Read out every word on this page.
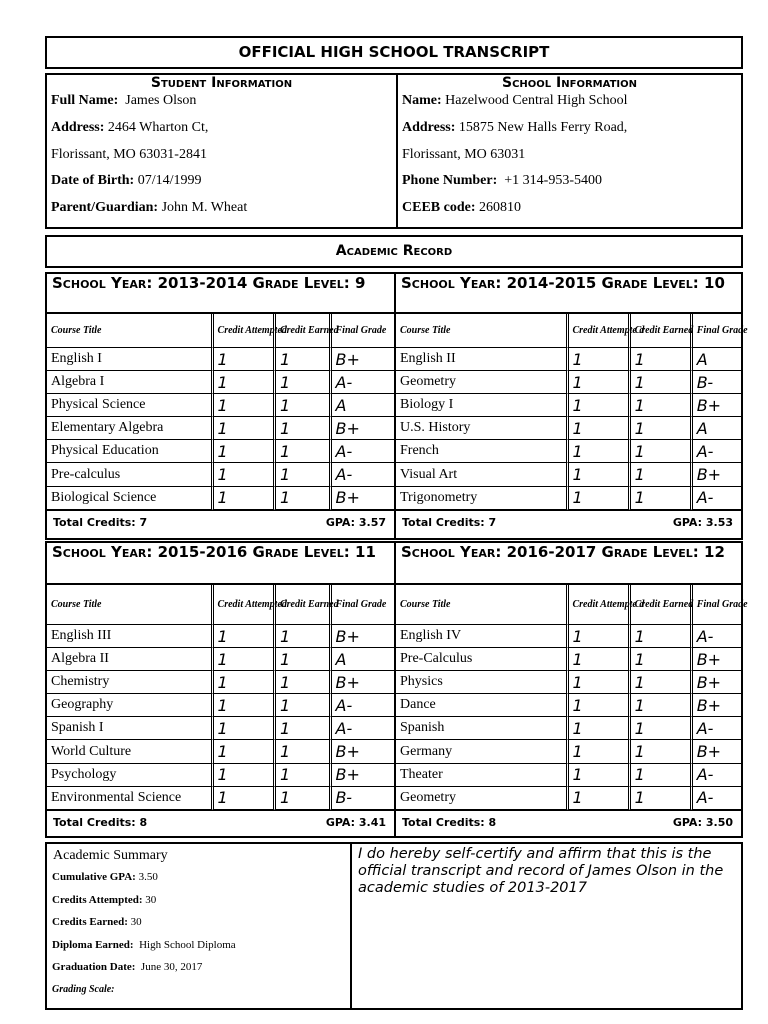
OFFICIAL HIGH SCHOOL TRANSCRIPT
Student Information
Full Name: James Olson
Address: 2464 Wharton Ct,
Florissant, MO 63031-2841
Date of Birth: 07/14/1999
Parent/Guardian: John M. Wheat
School Information
Name: Hazelwood Central High School
Address: 15875 New Halls Ferry Road,
Florissant, MO 63031
Phone Number: +1 314-953-5400
CEEB code: 260810
Academic Record
School Year: 2013-2014 Grade Level: 9
Course Title	Credit Attempted	Credit Earned	Final Grade
English I	1	1	B+
Algebra I	1	1	A-
Physical Science	1	1	A
Elementary Algebra	1	1	B+
Physical Education	1	1	A-
Pre-calculus	1	1	A-
Biological Science	1	1	B+
Total Credits: 7	GPA: 3.57
School Year: 2014-2015 Grade Level: 10
Course Title	Credit Attempte d	Credit Earned	Final Grade
English II	1	1	A
Geometry	1	1	B-
Biology I	1	1	B+
U.S. History	1	1	A
French	1	1	A-
Visual Art	1	1	B+
Trigonometry	1	1	A-
Total Credits: 7	GPA: 3.53
School Year: 2015-2016 Grade Level: 11
Course Title	Credit Attempted	Credit Earned	Final Grade
English III	1	1	B+
Algebra II	1	1	A
Chemistry	1	1	B+
Geography	1	1	A-
Spanish I	1	1	A-
World Culture	1	1	B+
Psychology	1	1	B+
Environmental Science	1	1	B-
Total Credits: 8	GPA: 3.41
School Year: 2016-2017 Grade Level: 12
Course Title	Credit Attempte d	Credit Earned	Final Grade
English IV	1	1	A-
Pre-Calculus	1	1	B+
Physics	1	1	B+
Dance	1	1	B+
Spanish	1	1	A-
Germany	1	1	B+
Theater	1	1	A-
Geometry	1	1	A-
Total Credits: 8	GPA: 3.50
Academic Summary
Cumulative GPA: 3.50
Credits Attempted: 30
Credits Earned: 30
Diploma Earned: High School Diploma
Graduation Date: June 30, 2017
Grading Scale:
I do hereby self-certify and affirm that this is the official transcript and record of James Olson in the academic studies of 2013-2017
